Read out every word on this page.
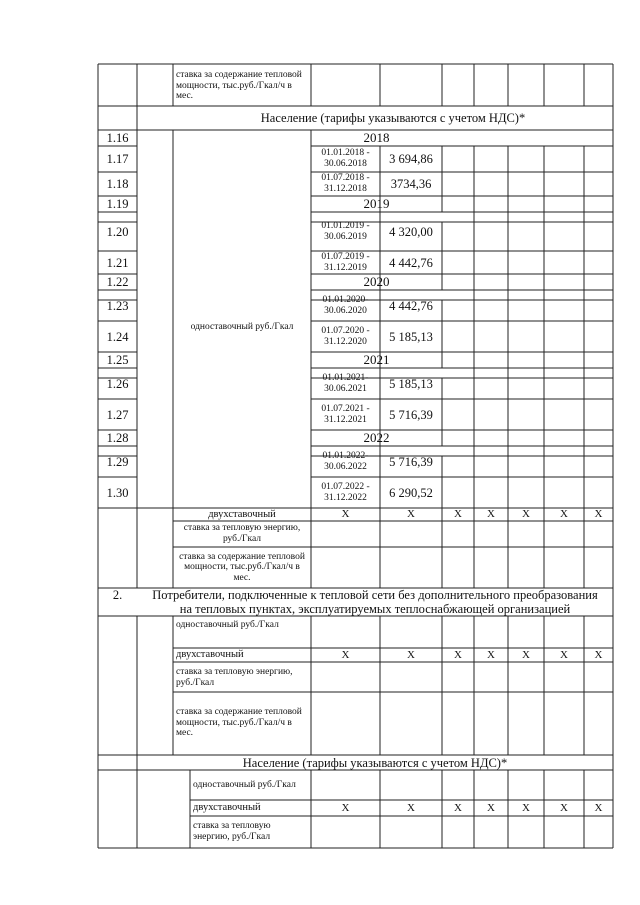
ставка за содержание тепловой мощности, тыс.руб./Гкал/ч в мес.
Население (тарифы указываются с учетом НДС)*
одноставочный руб./Гкал
1.16	2018
1.17	01.01.2018 - 30.06.2018	3 694,86
1.18	01.07.2018 - 31.12.2018	3734,36
1.19	2019
1.20	01.01.2019 - 30.06.2019	4 320,00
1.21	01.07.2019 - 31.12.2019	4 442,76
1.22	2020
1.23	01.01.2020- 30.06.2020	4 442,76
1.24	01.07.2020 - 31.12.2020	5 185,13
1.25	2021
1.26	01.01.2021- 30.06.2021	5 185,13
1.27	01.07.2021 - 31.12.2021	5 716,39
1.28	2022
1.29	01.01.2022- 30.06.2022	5 716,39
1.30	01.07.2022 - 31.12.2022	6 290,52
двухставочный	X	X	X	X	X	X	X
ставка за тепловую энергию, руб./Гкал
ставка за содержание тепловой мощности, тыс.руб./Гкал/ч в мес.
2.	Потребители, подключенные к тепловой сети без дополнительного преобразования
на тепловых пунктах, эксплуатируемых теплоснабжающей организацией
одноставочный руб./Гкал
двухставочный	X	X	X	X	X	X	X
ставка за тепловую энергию, руб./Гкал
ставка за содержание тепловой мощности, тыс.руб./Гкал/ч в мес.
Население (тарифы указываются с учетом НДС)*
одноставочный руб./Гкал
двухставочный	X	X	X	X	X	X	X
ставка за тепловую энергию, руб./Гкал
